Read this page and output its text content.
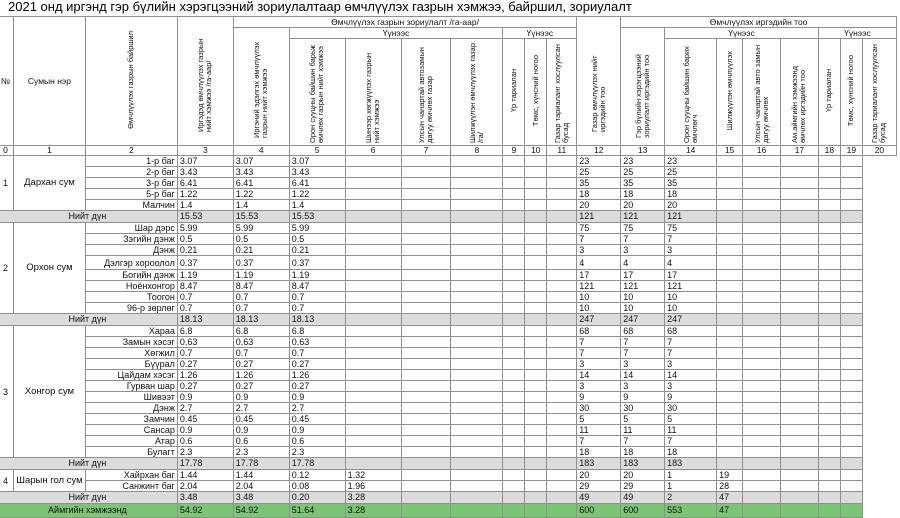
2021 онд иргэнд гэр бүлийн хэрэгцээний зориулалтаар өмчлүүлэх газрын хэмжээ, байршил, зориулалт
№	Сумын нэр	Өмчлүүлэх газрын байршил	Иргэдэд өмчлүүлэх газрын нийт хэмжээ /га-аар/	Өмчлүүлэх газрын зориулалт /га-аар/								Газар өмчлүүлэх нийт иргэдийн тоо	Өмчлүүлэх иргэдийн тоо							
				Иргэний эдэлгэх өмчлүүлэх газрын нийт хэмжээ	Үүнээс				Үүнээс				Гэр бүлийн хэрэгцээний зориулалт иргэдийн тоо	Үүнээс				Үүнээс		
					Орон сууцны байшин барьж өмчлөх газрын нийт хэмжээ	Шинээр хөгжүүлэх газрын нийт хэмжээ	Улсын чанартай автозамын дагуу өмчлөх газар	Шилжүүлэн өмчлүүлэх газар /га/	Үр тариалан	Төмс, хүнсний ногоо	Газар тариаланг хослуулсан бусад			Орон сууцны байшин барих өмчлөгч	Шилжүүлэн өмчлүүлэх	Улсын чанартай авто замын дагуу өмчлөх	Ам.аймгийн хэмжээнд өмчлөх иргэдийн тоо	Үр тариалан	Төмс, хүнсний ногоо	Газар тариаланг хослуулсан бусад
0	1	2	3	4	5	6	7	8	9	10	11	12	13	14	15	16	17	18	19	20
1	Дархан сум	1-р баг	3.07	3.07	3.07							23	23	23						
		2-р баг	3.43	3.43	3.43							25	25	25						
		3-р баг	6.41	6.41	6.41							35	35	35						
		5-р баг	1.22	1.22	1.22							18	18	18						
		Малчин	1.4	1.4	1.4							20	20	20						
Нийт дүн			15.53	15.53	15.53							121	121	121						
2	Орхон сум	Шар дэрс	5.99	5.99	5.99							75	75	75						
		Зэгийн дэнж	0.5	0.5	0.5							7	7	7						
		Дэнж	0.21	0.21	0.21							3	3	3						
		Дэлгэр хороолол	0.37	0.37	0.37							4	4	4						
		Богийн дэнж	1.19	1.19	1.19							17	17	17						
		Ноёнхонгор	8.47	8.47	8.47							121	121	121						
		Тоогон	0.7	0.7	0.7							10	10	10						
		96-р зөрлөг	0.7	0.7	0.7							10	10	10						
Нийт дүн			18.13	18.13	18.13							247	247	247						
3	Хонгор сум	Хараа	6.8	6.8	6.8							68	68	68						
		Замын хэсэг	0.63	0.63	0.63							7	7	7						
		Хөгжил	0.7	0.7	0.7							7	7	7						
		Бүүрал	0.27	0.27	0.27							3	3	3						
		Цайдам хэсэг	1.26	1.26	1.26							14	14	14						
		Гурван шар	0.27	0.27	0.27							3	3	3						
		Шивээт	0.9	0.9	0.9							9	9	9						
		Дэнж	2.7	2.7	2.7							30	30	30						
		Замчин	0.45	0.45	0.45							5	5	5						
		Сансар	0.9	0.9	0.9							11	11	11						
		Атар	0.6	0.6	0.6							7	7	7						
		Булагт	2.3	2.3	2.3							18	18	18						
Нийт дүн			17.78	17.78	17.78							183	183	183						
4	Шарын гол сум	Хайрхан баг	1.44	1.44	0.12	1.32						20	20	1	19					
		Санжинт баг	2.04	2.04	0.08	1.96						29	29	1	28					
Нийт дүн			3.48	3.48	0.20	3.28						49	49	2	47					
Аймгийн хэмжээнд			54.92	54.92	51.64	3.28						600	600	553	47					
